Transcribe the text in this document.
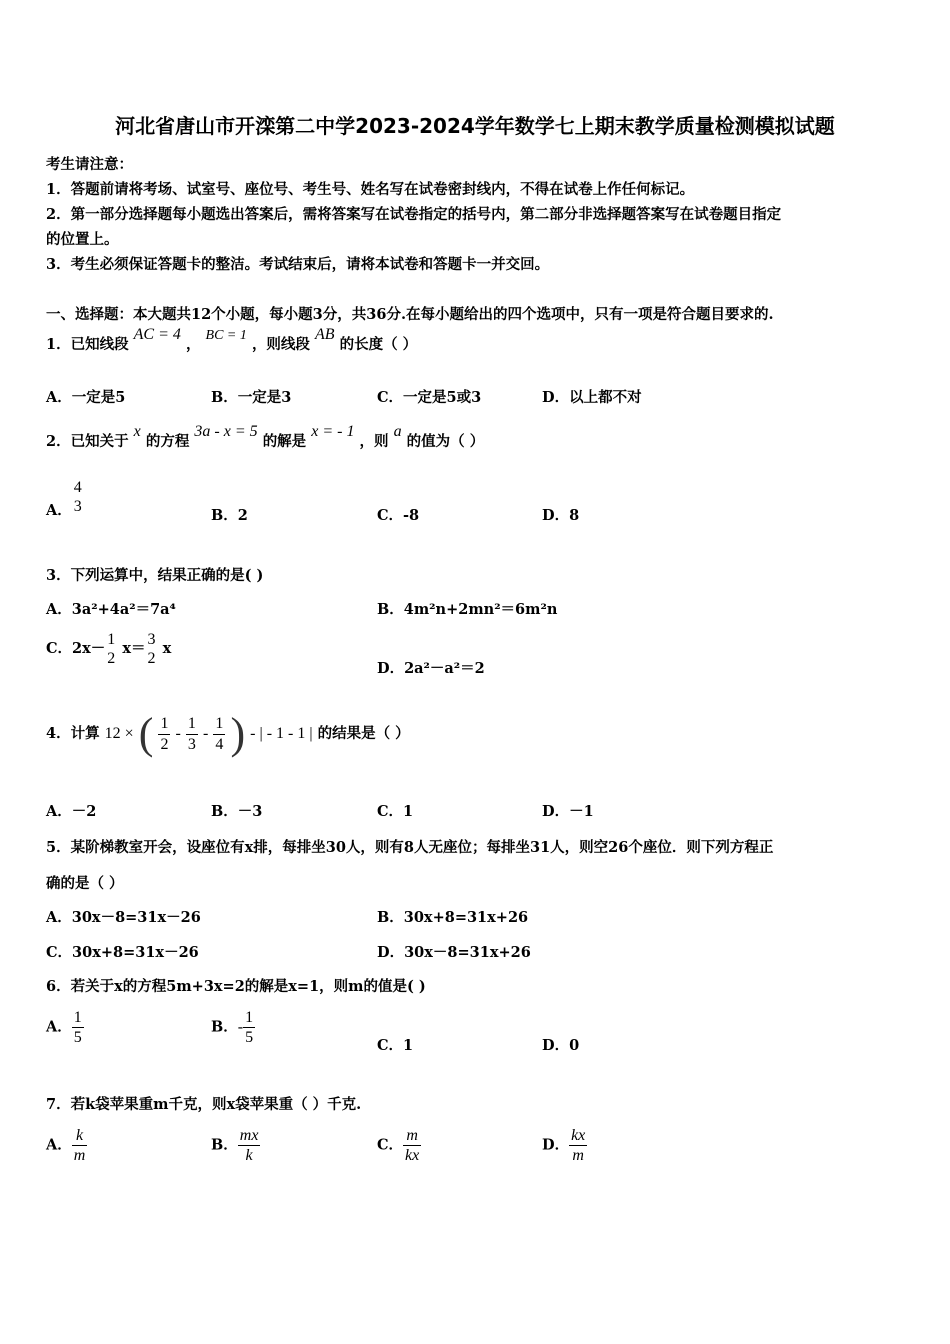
河北省唐山市开滦第二中学2023-2024学年数学七上期末教学质量检测模拟试题
考生请注意：
1．答题前请将考场、试室号、座位号、考生号、姓名写在试卷密封线内，不得在试卷上作任何标记。
2．第一部分选择题每小题选出答案后，需将答案写在试卷指定的括号内，第二部分非选择题答案写在试卷题目指定
的位置上。
3．考生必须保证答题卡的整洁。考试结束后，请将本试卷和答题卡一并交回。
一、选择题：本大题共12个小题，每小题3分，共36分.在每小题给出的四个选项中，只有一项是符合题目要求的.
1．已知线段 AC = 4 ， BC = 1 ，则线段 AB 的长度（ ）
A．一定是5	B．一定是3	C．一定是5或3	D．以上都不对
2．已知关于 x 的方程 3a - x = 5 的解是 x = - 1 ，则 a 的值为（ ）
A．
4
3
B．2	C．-8	D．8
3．下列运算中，结果正确的是( )
A．3a²+4a²＝7a⁴	B．4m²n+2mn²＝6m²n
C．2x－
1
2
x＝
3
2
x
D．2a²－a²＝2
4．计算 12 × ( $\frac{1}{2} - \frac{1}{3} - \frac{1}{4}$ ) - | - 1 - 1 | 的结果是（ ）
A．－2	B．－3	C．1	D．－1
5．某阶梯教室开会，设座位有x排，每排坐30人，则有8人无座位；每排坐31人，则空26个座位．则下列方程正
确的是（ ）
A．30x－8=31x－26	B．30x+8=31x+26
C．30x+8=31x－26	D．30x－8=31x+26
6．若关于x的方程5m+3x=2的解是x=1，则m的值是( )
A． $\frac{1}{5}$	B．- $\frac{1}{5}$	C．1	D．0
7．若k袋苹果重m千克，则x袋苹果重（ ）千克.
A． $\frac{k}{m}$	B． $\frac{mx}{k}$	C． $\frac{m}{kx}$	D． $\frac{kx}{m}$
